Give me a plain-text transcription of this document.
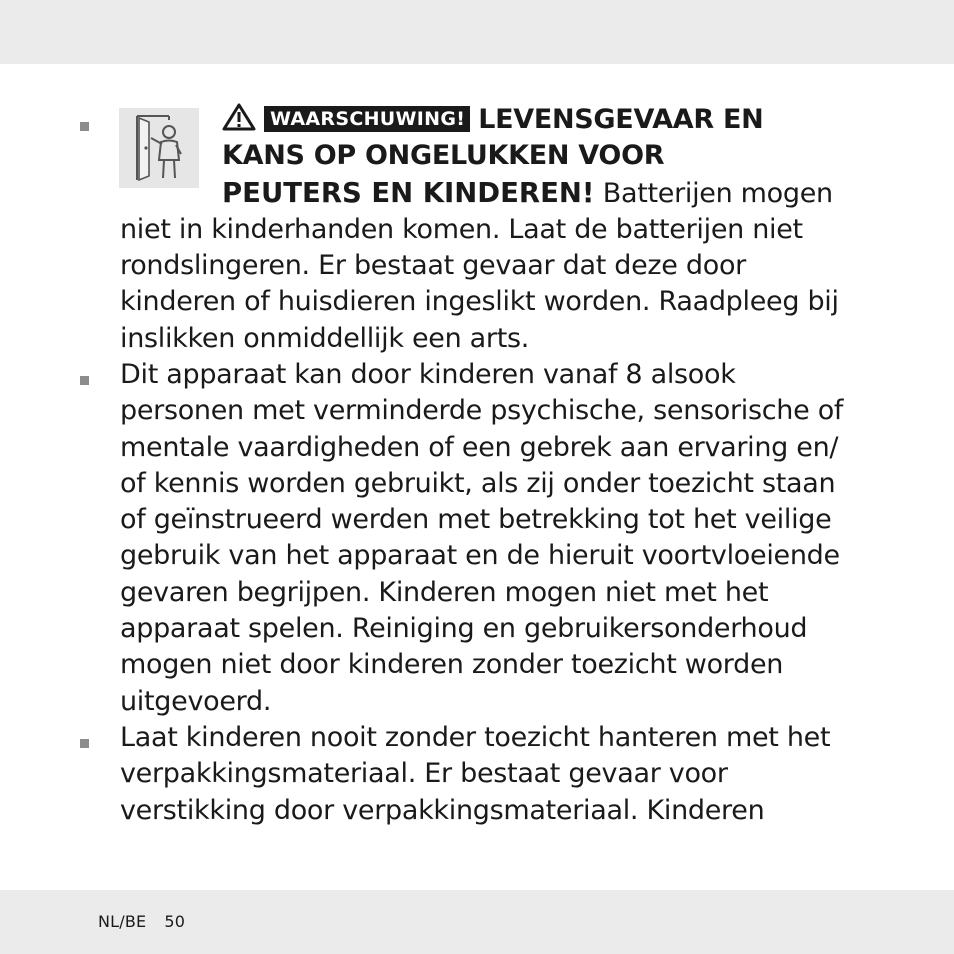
WAARSCHUWING! LEVENSGEVAAR EN
KANS OP ONGELUKKEN VOOR
PEUTERS EN KINDEREN! Batterijen mogen
niet in kinderhanden komen. Laat de batterijen niet
rondslingeren. Er bestaat gevaar dat deze door
kinderen of huisdieren ingeslikt worden. Raadpleeg bij
inslikken onmiddellijk een arts.
Dit apparaat kan door kinderen vanaf 8 alsook
personen met verminderde psychische, sensorische of
mentale vaardigheden of een gebrek aan ervaring en/
of kennis worden gebruikt, als zij onder toezicht staan
of geïnstrueerd werden met betrekking tot het veilige
gebruik van het apparaat en de hieruit voortvloeiende
gevaren begrijpen. Kinderen mogen niet met het
apparaat spelen. Reiniging en gebruikersonderhoud
mogen niet door kinderen zonder toezicht worden
uitgevoerd.
Laat kinderen nooit zonder toezicht hanteren met het
verpakkingsmateriaal. Er bestaat gevaar voor
verstikking door verpakkingsmateriaal. Kinderen
NL/BE 50
